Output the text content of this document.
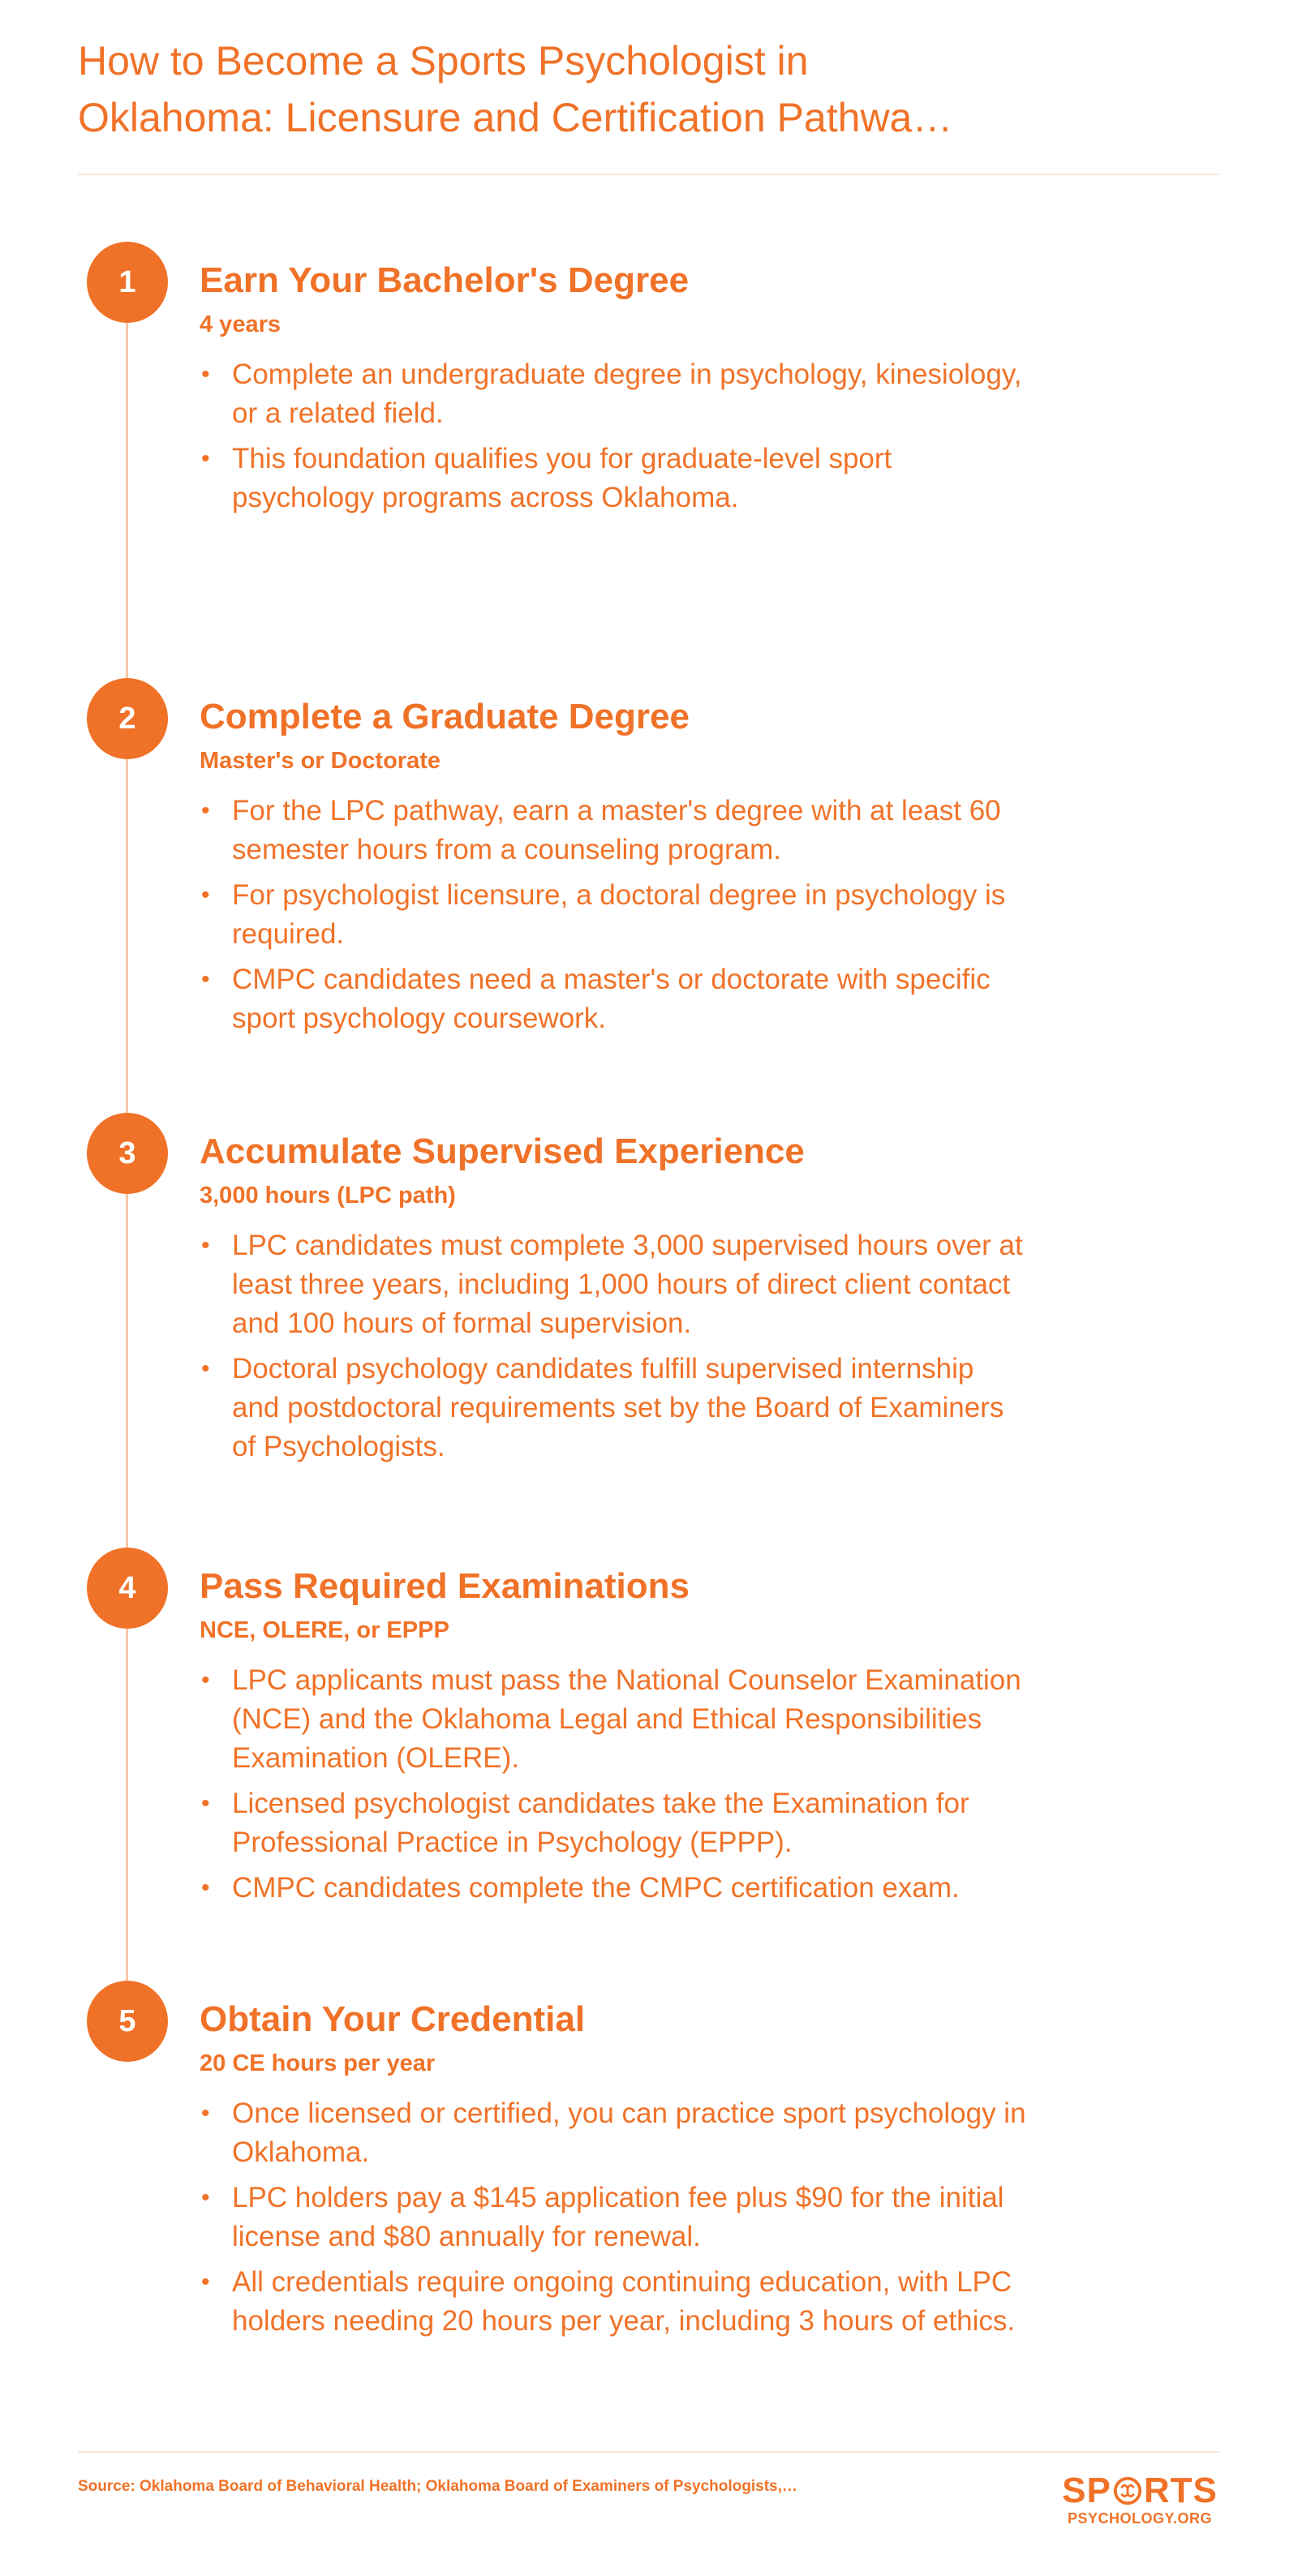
How to Become a Sports Psychologist in
Oklahoma: Licensure and Certification Pathwa…
1	Earn Your Bachelor's Degree
4 years
• Complete an undergraduate degree in psychology, kinesiology, or a related field.
• This foundation qualifies you for graduate-level sport psychology programs across Oklahoma.
2	Complete a Graduate Degree
Master's or Doctorate
• For the LPC pathway, earn a master's degree with at least 60 semester hours from a counseling program.
• For psychologist licensure, a doctoral degree in psychology is required.
• CMPC candidates need a master's or doctorate with specific sport psychology coursework.
3	Accumulate Supervised Experience
3,000 hours (LPC path)
• LPC candidates must complete 3,000 supervised hours over at least three years, including 1,000 hours of direct client contact and 100 hours of formal supervision.
• Doctoral psychology candidates fulfill supervised internship and postdoctoral requirements set by the Board of Examiners of Psychologists.
4	Pass Required Examinations
NCE, OLERE, or EPPP
• LPC applicants must pass the National Counselor Examination (NCE) and the Oklahoma Legal and Ethical Responsibilities Examination (OLERE).
• Licensed psychologist candidates take the Examination for Professional Practice in Psychology (EPPP).
• CMPC candidates complete the CMPC certification exam.
5	Obtain Your Credential
20 CE hours per year
• Once licensed or certified, you can practice sport psychology in Oklahoma.
• LPC holders pay a $145 application fee plus $90 for the initial license and $80 annually for renewal.
• All credentials require ongoing continuing education, with LPC holders needing 20 hours per year, including 3 hours of ethics.
Source: Oklahoma Board of Behavioral Health; Oklahoma Board of Examiners of Psychologists,…	SP RTS
PSYCHOLOGY.ORG
